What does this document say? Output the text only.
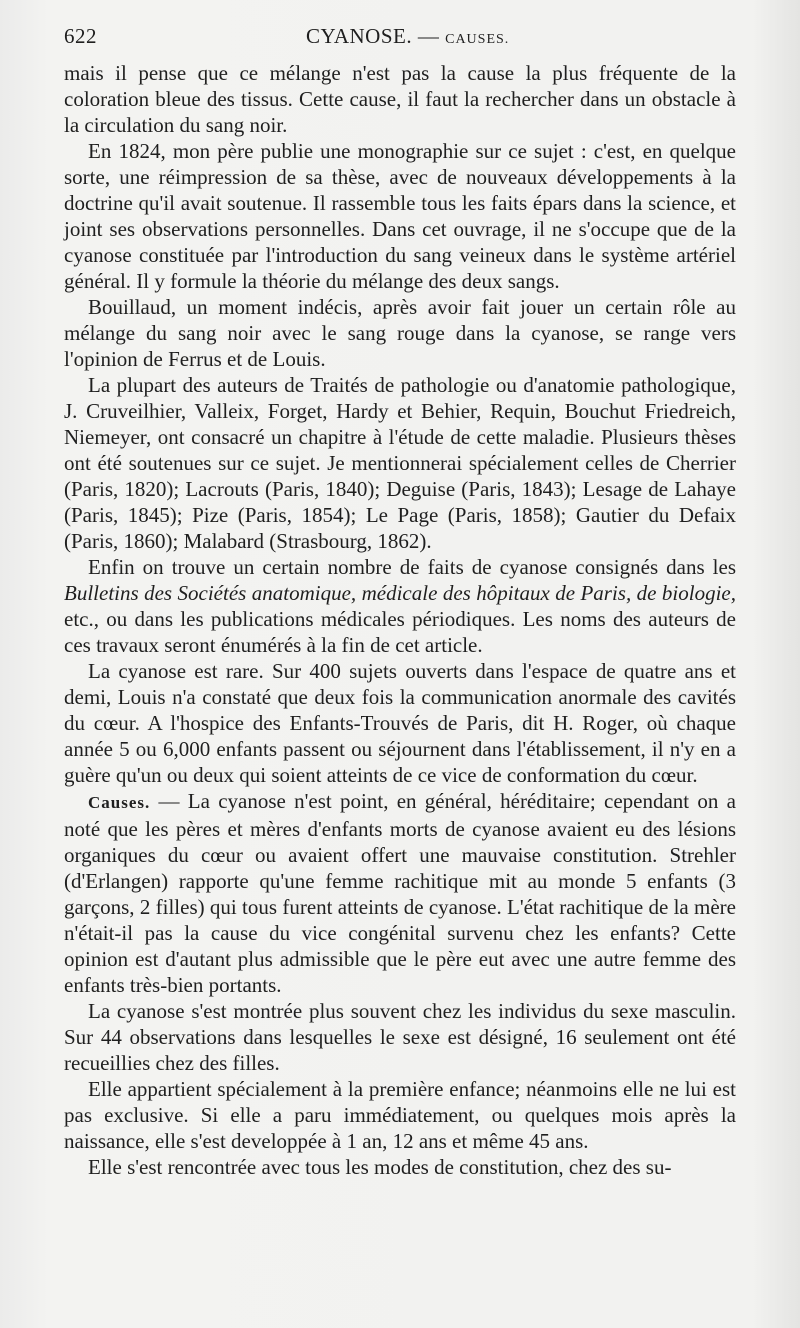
622	CYANOSE. — CAUSES.

mais il pense que ce mélange n'est pas la cause la plus fréquente de la coloration bleue des tissus. Cette cause, il faut la rechercher dans un obstacle à la circulation du sang noir.

En 1824, mon père publie une monographie sur ce sujet : c'est, en quelque sorte, une réimpression de sa thèse, avec de nouveaux développements à la doctrine qu'il avait soutenue. Il rassemble tous les faits épars dans la science, et joint ses observations personnelles. Dans cet ouvrage, il ne s'occupe que de la cyanose constituée par l'introduction du sang veineux dans le système artériel général. Il y formule la théorie du mélange des deux sangs.

Bouillaud, un moment indécis, après avoir fait jouer un certain rôle au mélange du sang noir avec le sang rouge dans la cyanose, se range vers l'opinion de Ferrus et de Louis.

La plupart des auteurs de Traités de pathologie ou d'anatomie pathologique, J. Cruveilhier, Valleix, Forget, Hardy et Behier, Requin, Bouchut Friedreich, Niemeyer, ont consacré un chapitre à l'étude de cette maladie. Plusieurs thèses ont été soutenues sur ce sujet. Je mentionnerai spécialement celles de Cherrier (Paris, 1820); Lacrouts (Paris, 1840); Deguise (Paris, 1843); Lesage de Lahaye (Paris, 1845); Pize (Paris, 1854); Le Page (Paris, 1858); Gautier du Defaix (Paris, 1860); Malabard (Strasbourg, 1862).

Enfin on trouve un certain nombre de faits de cyanose consignés dans les Bulletins des Sociétés anatomique, médicale des hôpitaux de Paris, de biologie, etc., ou dans les publications médicales périodiques. Les noms des auteurs de ces travaux seront énumérés à la fin de cet article.

La cyanose est rare. Sur 400 sujets ouverts dans l'espace de quatre ans et demi, Louis n'a constaté que deux fois la communication anormale des cavités du cœur. A l'hospice des Enfants-Trouvés de Paris, dit H. Roger, où chaque année 5 ou 6,000 enfants passent ou séjournent dans l'établissement, il n'y en a guère qu'un ou deux qui soient atteints de ce vice de conformation du cœur.

Causes. — La cyanose n'est point, en général, héréditaire; cependant on a noté que les pères et mères d'enfants morts de cyanose avaient eu des lésions organiques du cœur ou avaient offert une mauvaise constitution. Strehler (d'Erlangen) rapporte qu'une femme rachitique mit au monde 5 enfants (3 garçons, 2 filles) qui tous furent atteints de cyanose. L'état rachitique de la mère n'était-il pas la cause du vice congénital survenu chez les enfants? Cette opinion est d'autant plus admissible que le père eut avec une autre femme des enfants très-bien portants.

La cyanose s'est montrée plus souvent chez les individus du sexe masculin. Sur 44 observations dans lesquelles le sexe est désigné, 16 seulement ont été recueillies chez des filles.

Elle appartient spécialement à la première enfance; néanmoins elle ne lui est pas exclusive. Si elle a paru immédiatement, ou quelques mois après la naissance, elle s'est developpée à 1 an, 12 ans et même 45 ans.

Elle s'est rencontrée avec tous les modes de constitution, chez des su-
